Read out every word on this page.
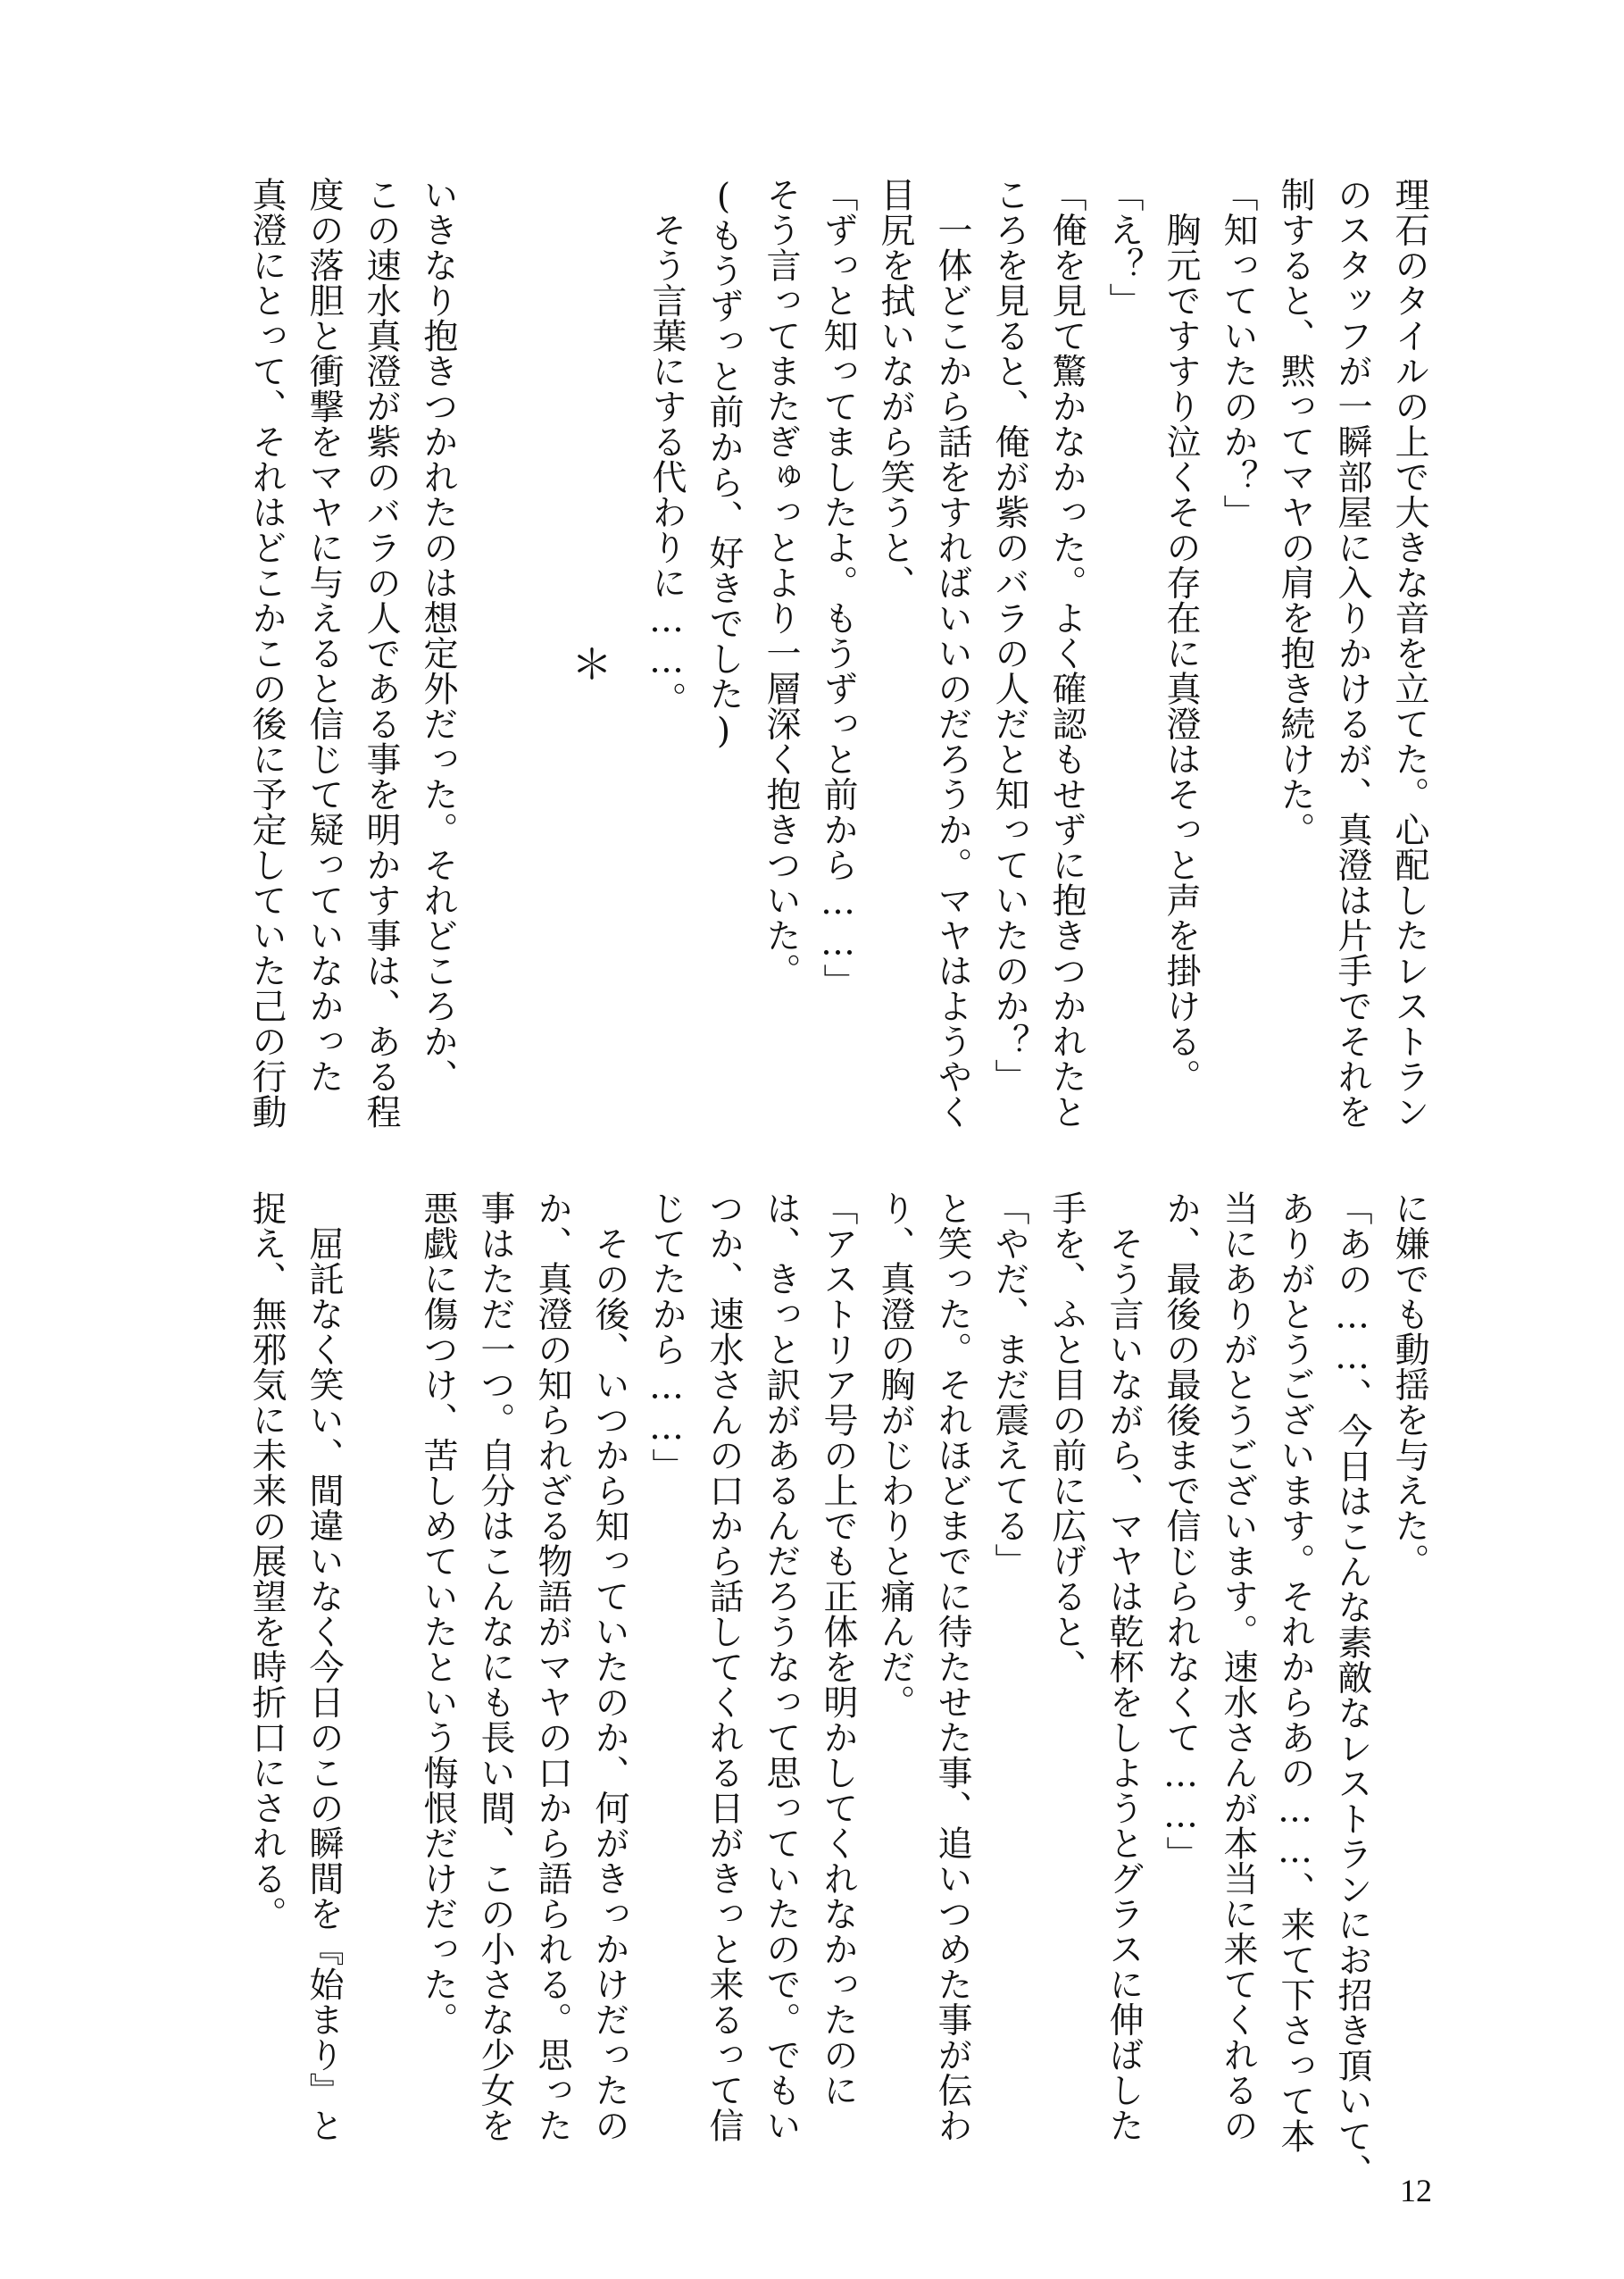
理石のタイルの上で大きな音を立てた。心配したレストラン
のスタッフが一瞬部屋に入りかけるが、真澄は片手でそれを
制すると、黙ってマヤの肩を抱き続けた。
「知っていたのか？」
　胸元ですすり泣くその存在に真澄はそっと声を掛ける。
「え？」
「俺を見て驚かなかった。よく確認もせずに抱きつかれたと
ころを見ると、俺が紫のバラの人だと知っていたのか？」
　一体どこから話をすればいいのだろうか。マヤはようやく
目尻を拭いながら笑うと、
「ずっと知ってましたよ。もうずっと前から……」
そう言ってまたぎゅっとより一層深く抱きついた。
(もうずっと前から、好きでした)
　そう言葉にする代わりに……。

いきなり抱きつかれたのは想定外だった。それどころか、
この速水真澄が紫のバラの人である事を明かす事は、ある程
度の落胆と衝撃をマヤに与えると信じて疑っていなかった
真澄にとって、それはどこかこの後に予定していた己の行動	＊
に嫌でも動揺を与えた。
「あの……、今日はこんな素敵なレストランにお招き頂いて、
ありがとうございます。それからあの……、来て下さって本
当にありがとうございます。速水さんが本当に来てくれるの
か、最後の最後まで信じられなくて……」
　そう言いながら、マヤは乾杯をしようとグラスに伸ばした
手を、ふと目の前に広げると、
「やだ、まだ震えてる」
と笑った。それほどまでに待たせた事、追いつめた事が伝わ
り、真澄の胸がじわりと痛んだ。
「アストリア号の上でも正体を明かしてくれなかったのに
は、きっと訳があるんだろうなって思っていたので。でもい
つか、速水さんの口から話してくれる日がきっと来るって信
じてたから……」
　その後、いつから知っていたのか、何がきっかけだったの
か、真澄の知られざる物語がマヤの口から語られる。思った
事はただ一つ。自分はこんなにも長い間、この小さな少女を
悪戯に傷つけ、苦しめていたという悔恨だけだった。

　屈託なく笑い、間違いなく今日のこの瞬間を『始まり』と
捉え、無邪気に未来の展望を時折口にされる。
12
